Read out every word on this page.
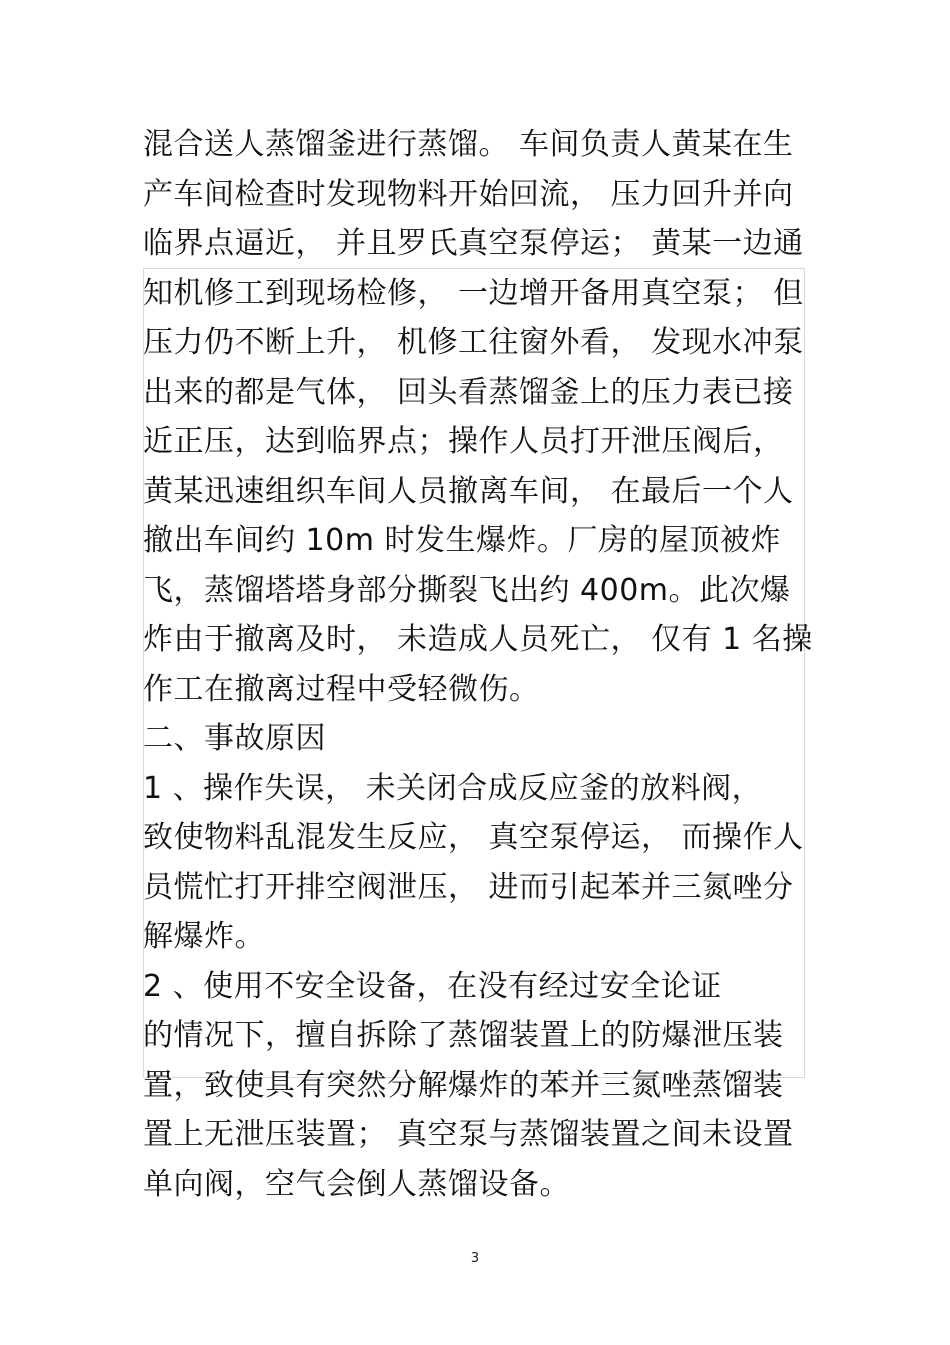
混合送人蒸馏釜进行蒸馏。 车间负责人黄某在生
产车间检查时发现物料开始回流， 压力回升并向
临界点逼近， 并且罗氏真空泵停运； 黄某一边通
知机修工到现场检修， 一边增开备用真空泵； 但
压力仍不断上升， 机修工往窗外看， 发现水冲泵
出来的都是气体， 回头看蒸馏釜上的压力表已接
近正压，达到临界点；操作人员打开泄压阀后，
黄某迅速组织车间人员撤离车间， 在最后一个人
撤出车间约 10m 时发生爆炸。厂房的屋顶被炸
飞，蒸馏塔塔身部分撕裂飞出约 400m。此次爆
炸由于撤离及时， 未造成人员死亡， 仅有 1 名操
作工在撤离过程中受轻微伤。
二、事故原因
1 、操作失误， 未关闭合成反应釜的放料阀，
致使物料乱混发生反应， 真空泵停运， 而操作人
员慌忙打开排空阀泄压， 进而引起苯并三氮唑分
解爆炸。
2 、使用不安全设备，在没有经过安全论证
的情况下，擅自拆除了蒸馏装置上的防爆泄压装
置，致使具有突然分解爆炸的苯并三氮唑蒸馏装
置上无泄压装置； 真空泵与蒸馏装置之间未设置
单向阀，空气会倒人蒸馏设备。
3
